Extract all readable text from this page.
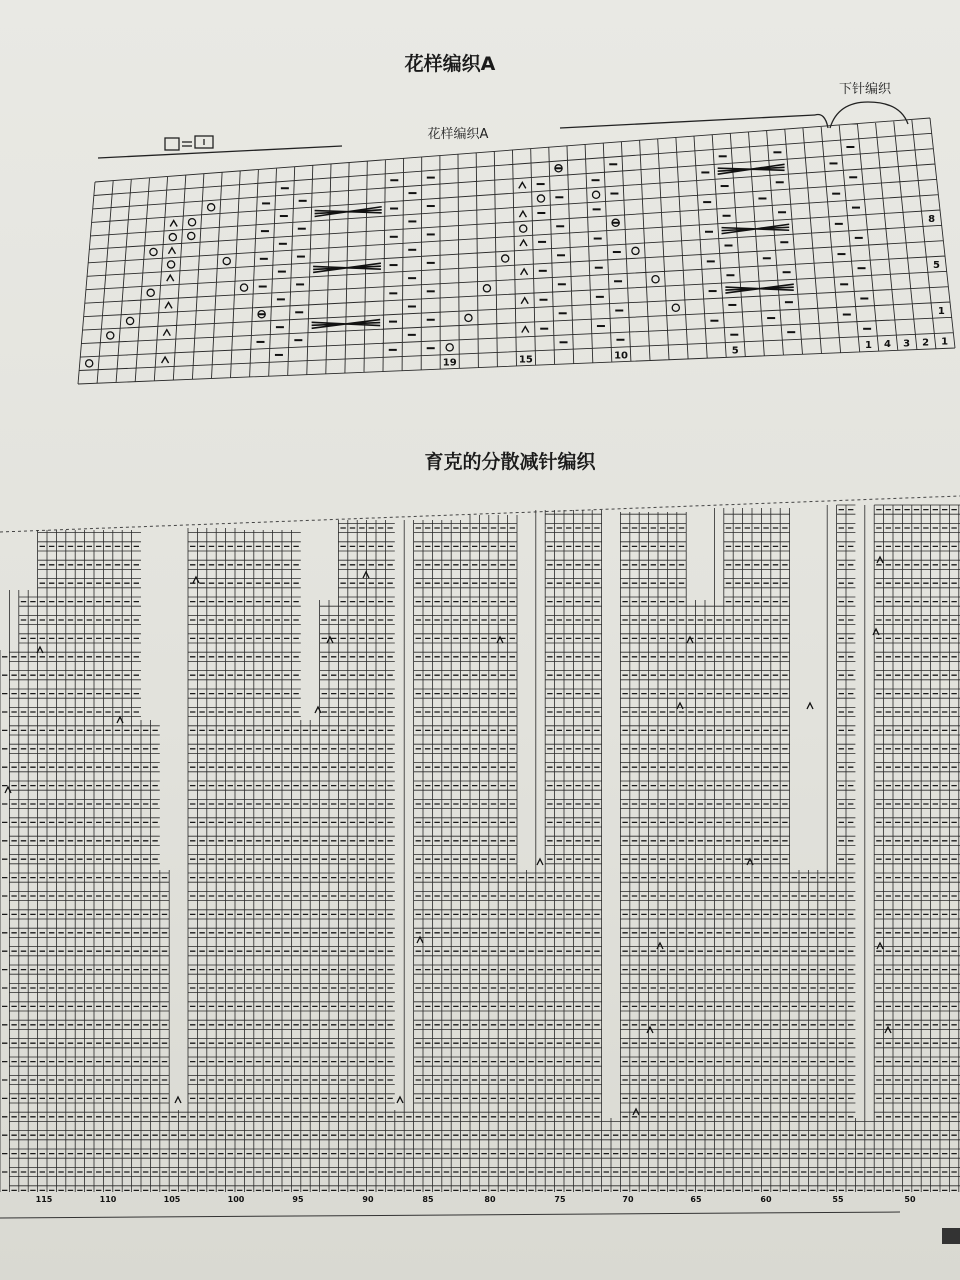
花样编织A
花样编织A
下针编织
□=□
19	15	10	5
1 4 3 2 1
8
5
1
育克的分散减针编织
115	110	105	100	95	90	85	80	75	70	65	60	55	50
